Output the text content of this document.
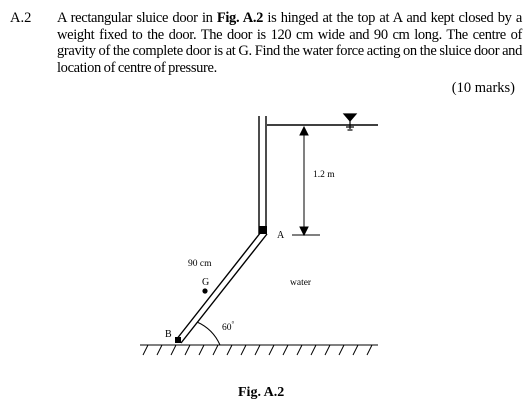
A.2 A rectangular sluice door in Fig. A.2 is hinged at the top at A and kept closed by a weight fixed to the door. The door is 120 cm wide and 90 cm long. The centre of gravity of the complete door is at G. Find the water force acting on the sluice door and location of centre of pressure.
(10 marks)
1.2 m
A
G
90 cm
water
60°
B
Fig. A.2
